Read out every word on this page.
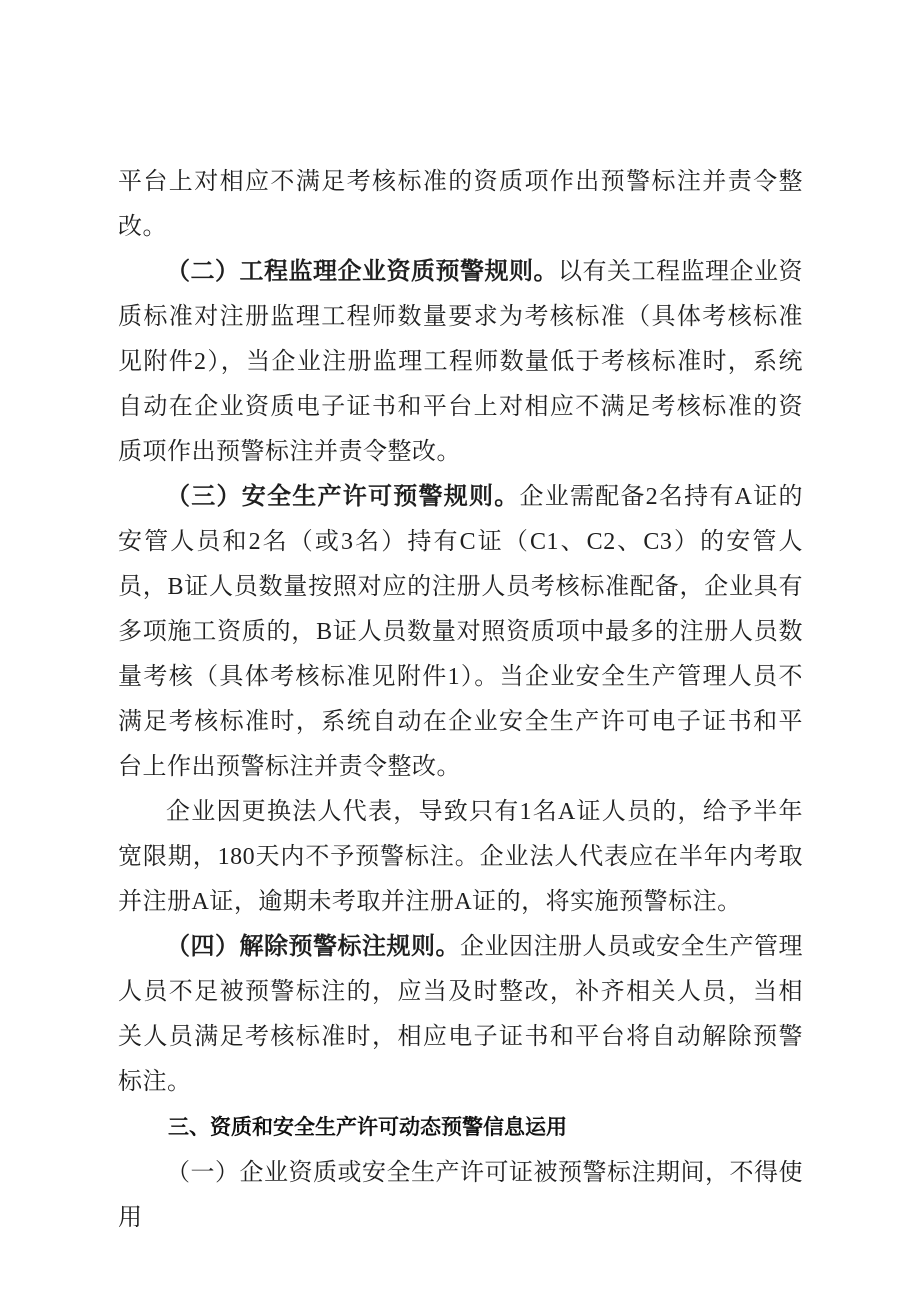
平台上对相应不满足考核标准的资质项作出预警标注并责令整改。

（二）工程监理企业资质预警规则。以有关工程监理企业资质标准对注册监理工程师数量要求为考核标准（具体考核标准见附件2），当企业注册监理工程师数量低于考核标准时，系统自动在企业资质电子证书和平台上对相应不满足考核标准的资质项作出预警标注并责令整改。

（三）安全生产许可预警规则。企业需配备2名持有A证的安管人员和2名（或3名）持有C证（C1、C2、C3）的安管人员，B证人员数量按照对应的注册人员考核标准配备，企业具有多项施工资质的，B证人员数量对照资质项中最多的注册人员数量考核（具体考核标准见附件1）。当企业安全生产管理人员不满足考核标准时，系统自动在企业安全生产许可电子证书和平台上作出预警标注并责令整改。

企业因更换法人代表，导致只有1名A证人员的，给予半年宽限期，180天内不予预警标注。企业法人代表应在半年内考取并注册A证，逾期未考取并注册A证的，将实施预警标注。

（四）解除预警标注规则。企业因注册人员或安全生产管理人员不足被预警标注的，应当及时整改，补齐相关人员，当相关人员满足考核标准时，相应电子证书和平台将自动解除预警标注。

三、资质和安全生产许可动态预警信息运用

（一）企业资质或安全生产许可证被预警标注期间，不得使用
